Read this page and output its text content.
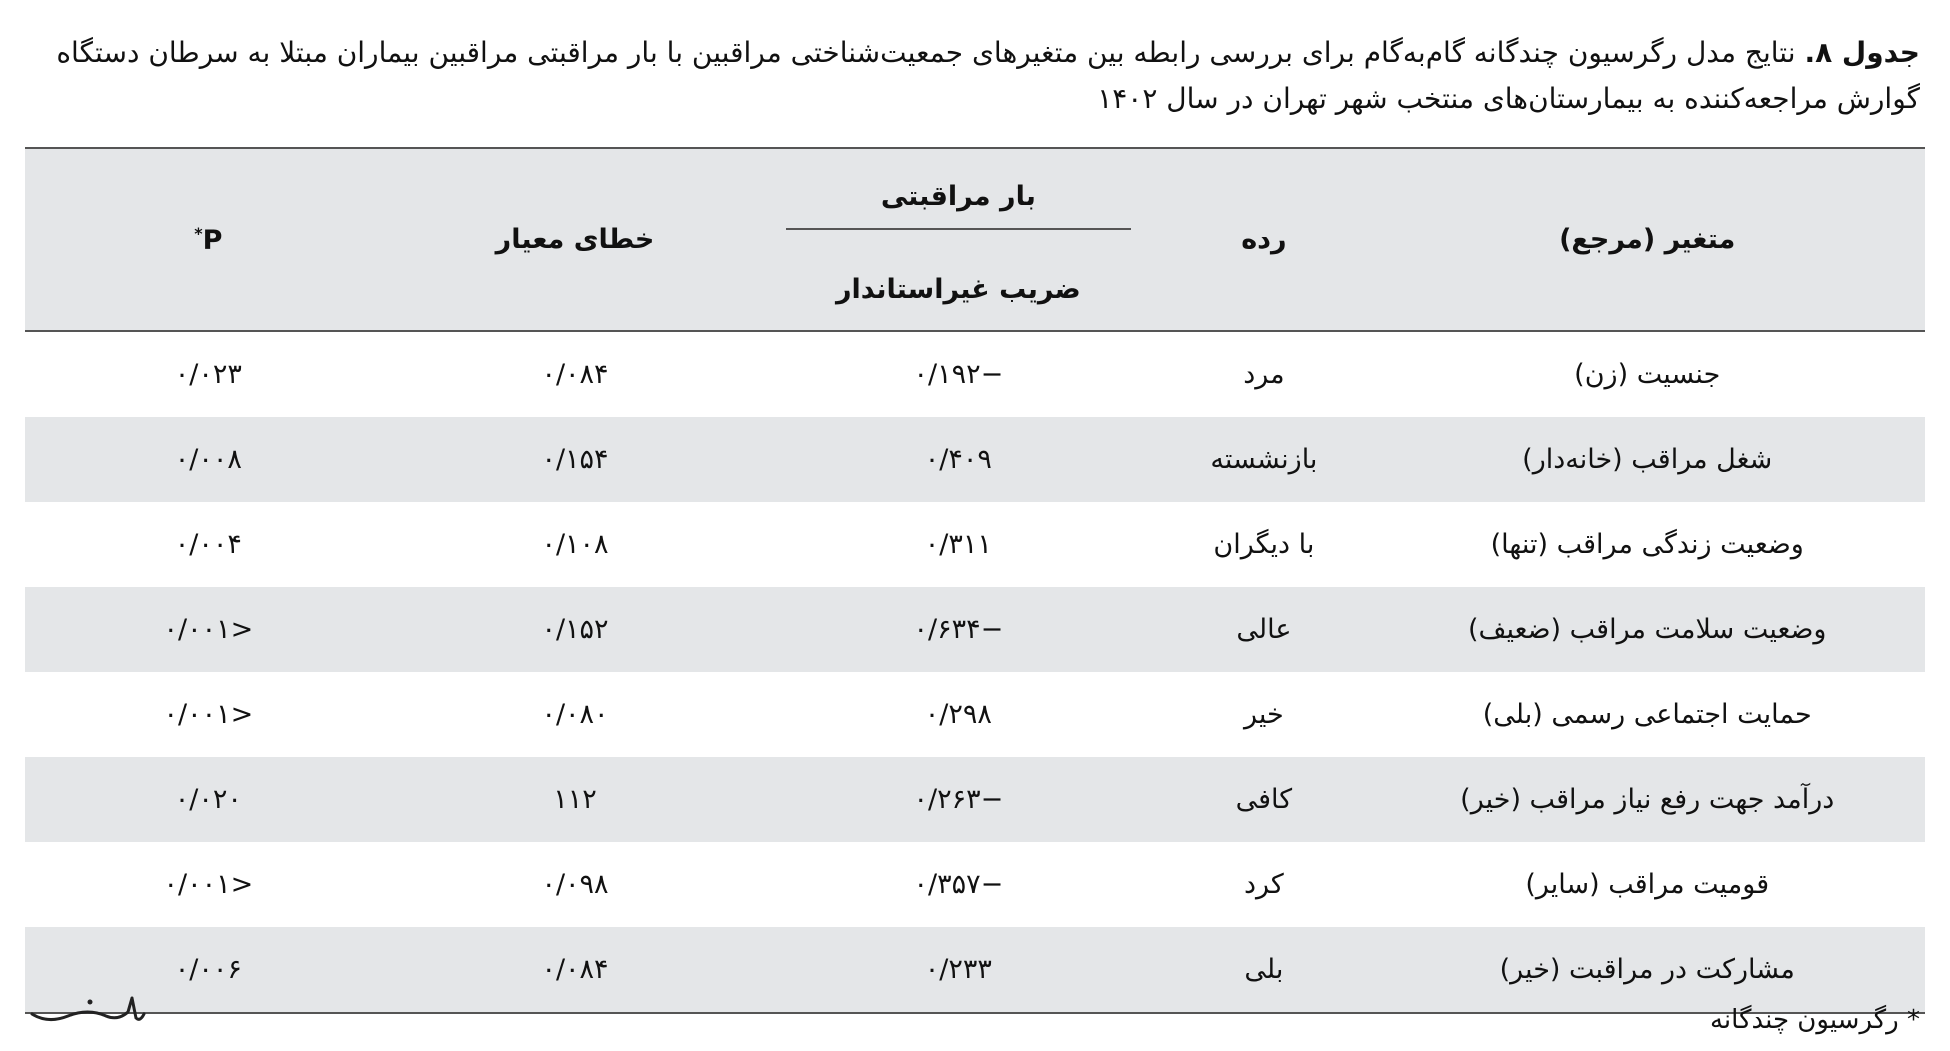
جدول ۸. نتایج مدل رگرسیون چندگانه گام‌به‌گام برای بررسی رابطه بین متغیرهای جمعیت‌شناختی مراقبین با بار مراقبتی مراقبین بیماران مبتلا به سرطان دستگاه گوارش مراجعه‌کننده به بیمارستان‌های منتخب شهر تهران در سال ۱۴۰۲
متغیر (مرجع)	رده	بار مراقبتی	خطای معیار	P*
		ضریب غیراستاندار		
جنسیت (زن)	مرد	−۰/۱۹۲	۰/۰۸۴	۰/۰۲۳
شغل مراقب (خانه‌دار)	بازنشسته	۰/۴۰۹	۰/۱۵۴	۰/۰۰۸
وضعیت زندگی مراقب (تنها)	با دیگران	۰/۳۱۱	۰/۱۰۸	۰/۰۰۴
وضعیت سلامت مراقب (ضعیف)	عالی	−۰/۶۳۴	۰/۱۵۲	<۰/۰۰۱
حمایت اجتماعی رسمی (بلی)	خیر	۰/۲۹۸	۰/۰۸۰	<۰/۰۰۱
درآمد جهت رفع نیاز مراقب (خیر)	کافی	−۰/۲۶۳	۱۱۲	۰/۰۲۰
قومیت مراقب (سایر)	کرد	−۰/۳۵۷	۰/۰۹۸	<۰/۰۰۱
مشارکت در مراقبت (خیر)	بلی	۰/۲۳۳	۰/۰۸۴	۰/۰۰۶
* رگرسیون چندگانه
